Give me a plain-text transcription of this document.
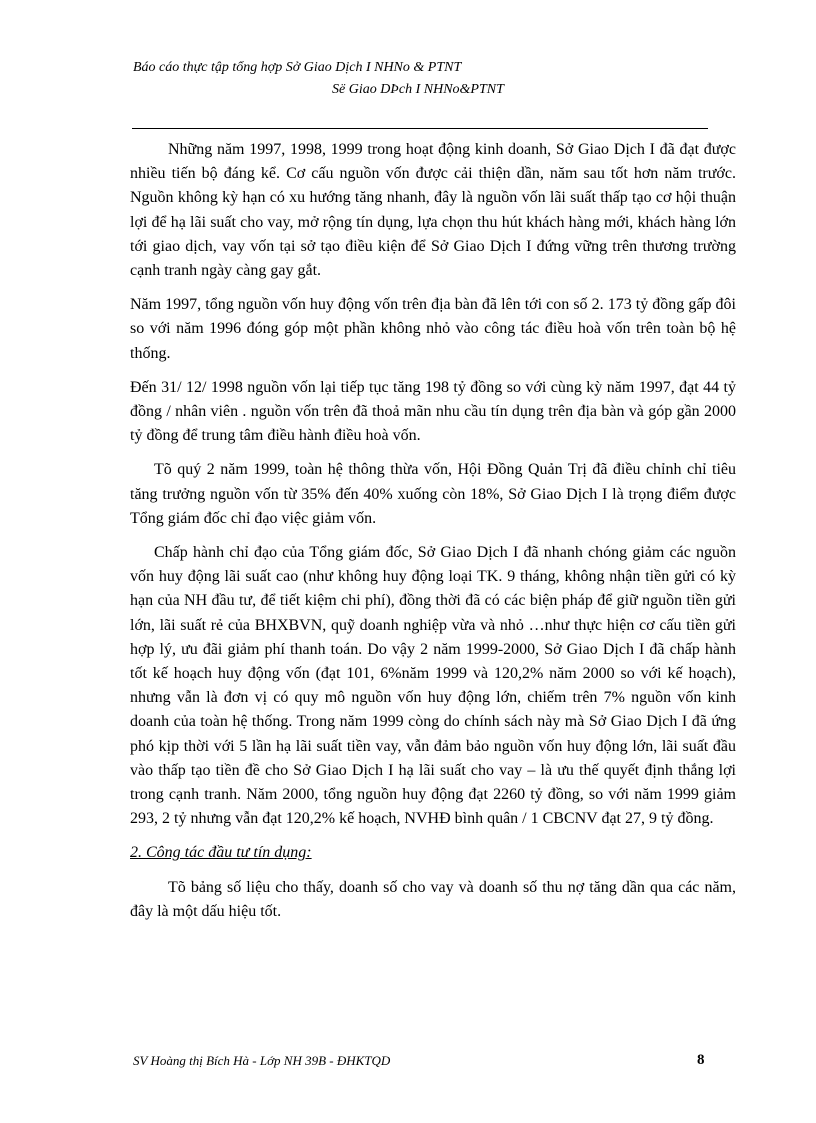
Báo cáo thực tập tổng hợp Sở Giao Dịch I NHNo & PTNT
Së Giao DÞch I NHNo&PTNT

Những năm 1997, 1998, 1999 trong hoạt động kinh doanh, Sở Giao Dịch I đã đạt được nhiều tiến bộ đáng kể. Cơ cấu nguồn vốn được cải thiện dần, năm sau tốt hơn năm trước. Nguồn không kỳ hạn có xu hướng tăng nhanh, đây là nguồn vốn lãi suất thấp tạo cơ hội thuận lợi để hạ lãi suất cho vay, mở rộng tín dụng, lựa chọn thu hút khách hàng mới, khách hàng lớn tới giao dịch, vay vốn tại sở tạo điều kiện để Sở Giao Dịch I đứng vững trên thương trường cạnh tranh ngày càng gay gắt.

Năm 1997, tổng nguồn vốn huy động vốn trên địa bàn đã lên tới con số 2. 173 tỷ đồng gấp đôi so với năm 1996 đóng góp một phần không nhỏ vào công tác điều hoà vốn trên toàn bộ hệ thống.

Đến 31/ 12/ 1998 nguồn vốn lại tiếp tục tăng 198 tỷ đồng so với cùng kỳ năm 1997, đạt 44 tỷ đồng / nhân viên . nguồn vốn trên đã thoả mãn nhu cầu tín dụng trên địa bàn và góp gần 2000 tỷ đồng để trung tâm điều hành điều hoà vốn.

Tõ quý 2 năm 1999, toàn hệ thông thừa vốn, Hội Đồng Quản Trị đã điều chỉnh chỉ tiêu tăng trưởng nguồn vốn từ 35% đến 40% xuống còn 18%, Sở Giao Dịch I là trọng điểm được Tổng giám đốc chỉ đạo việc giảm vốn.

Chấp hành chỉ đạo của Tổng giám đốc, Sở Giao Dịch I đã nhanh chóng giảm các nguồn vốn huy động lãi suất cao (như không huy động loại TK. 9 tháng, không nhận tiền gửi có kỳ hạn của NH đầu tư, để tiết kiệm chi phí), đồng thời đã có các biện pháp để giữ nguồn tiền gửi lớn, lãi suất rẻ của BHXBVN, quỹ doanh nghiệp vừa và nhỏ …như thực hiện cơ cấu tiền gửi hợp lý, ưu đãi giảm phí thanh toán. Do vậy 2 năm 1999-2000, Sở Giao Dịch I đã chấp hành tốt kế hoạch huy động vốn (đạt 101, 6%năm 1999 và 120,2% năm 2000 so với kế hoạch), nhưng vẫn là đơn vị có quy mô nguồn vốn huy động lớn, chiếm trên 7% nguồn vốn kinh doanh của toàn hệ thống. Trong năm 1999 còng do chính sách này mà Sở Giao Dịch I đã ứng phó kịp thời với 5 lần hạ lãi suất tiền vay, vẫn đảm bảo nguồn vốn huy động lớn, lãi suất đầu vào thấp tạo tiền đề cho Sở Giao Dịch I hạ lãi suất cho vay – là ưu thế quyết định thắng lợi trong cạnh tranh. Năm 2000, tổng nguồn huy động đạt 2260 tỷ đồng, so với năm 1999 giảm 293, 2 tỷ nhưng vẫn đạt 120,2% kế hoạch, NVHĐ bình quân / 1 CBCNV đạt 27, 9 tỷ đồng.

2. Công tác đầu tư tín dụng:

Tõ bảng số liệu cho thấy, doanh số cho vay và doanh số thu nợ tăng dần qua các năm, đây là một dấu hiệu tốt.

SV Hoàng thị Bích Hà - Lớp NH 39B - ĐHKTQD	8
